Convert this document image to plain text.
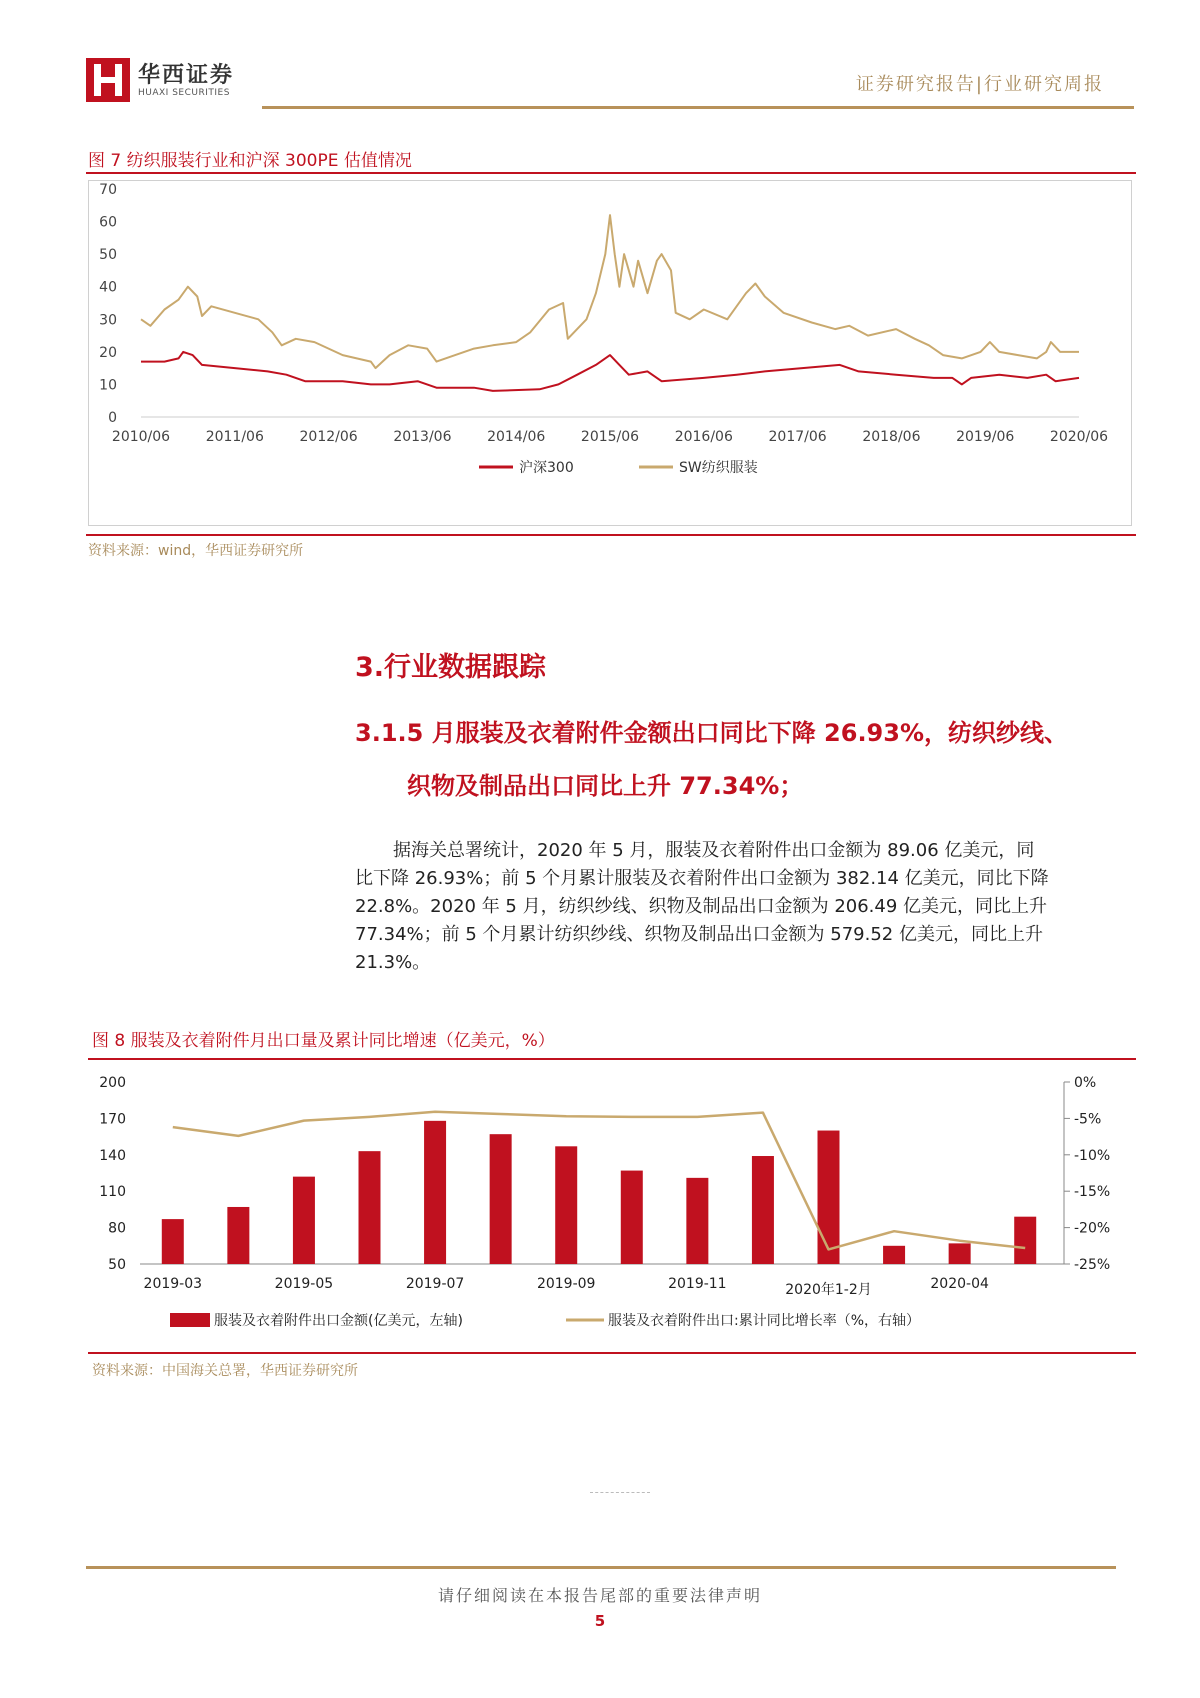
华西证券
HUAXI SECURITIES	证券研究报告|行业研究周报
图 7 纺织服装行业和沪深 300PE 估值情况
0
10
20
30
40
50
60
70
2010/06	2011/06	2012/06	2013/06	2014/06	2015/06	2016/06	2017/06	2018/06	2019/06	2020/06
沪深300	SW纺织服装
资料来源：wind，华西证券研究所
3.行业数据跟踪
3.1.5 月服装及衣着附件金额出口同比下降 26.93%，纺织纱线、
织物及制品出口同比上升 77.34%；
据海关总署统计，2020 年 5 月，服装及衣着附件出口金额为 89.06 亿美元，同
比下降 26.93%；前 5 个月累计服装及衣着附件出口金额为 382.14 亿美元，同比下降
22.8%。2020 年 5 月，纺织纱线、织物及制品出口金额为 206.49 亿美元，同比上升
77.34%；前 5 个月累计纺织纱线、织物及制品出口金额为 579.52 亿美元，同比上升
21.3%。
图 8 服装及衣着附件月出口量及累计同比增速（亿美元，%）
50
80
110
140
170
200
-25%
-20%
-15%
-10%
-5%
0%
2019-03	2019-05	2019-07	2019-09	2019-11	2020年1-2月	2020-04
服装及衣着附件出口金额(亿美元，左轴)	服装及衣着附件出口:累计同比增长率（%，右轴）
资料来源：中国海关总署，华西证券研究所
请仔细阅读在本报告尾部的重要法律声明
5
